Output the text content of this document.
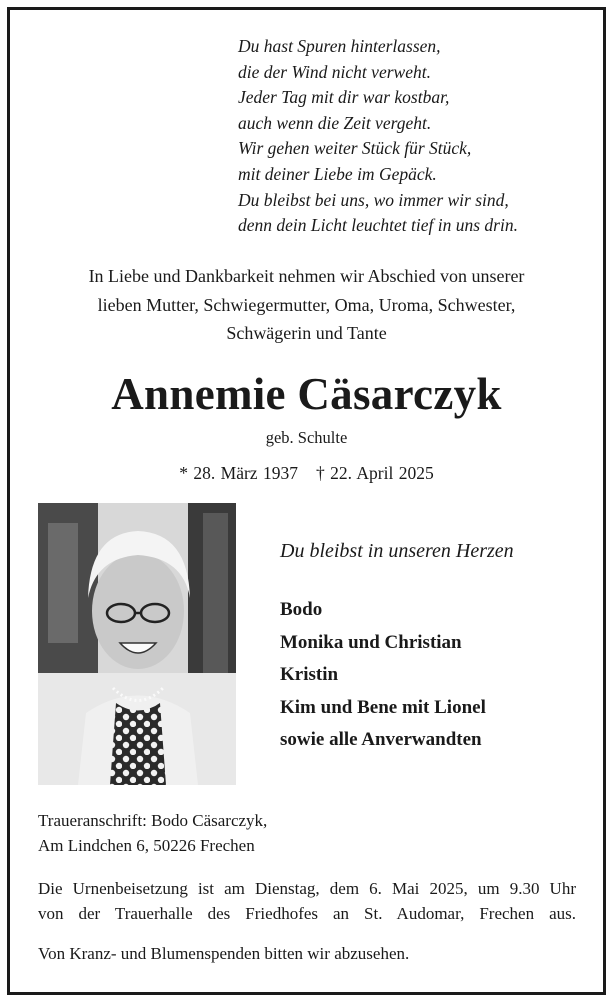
Du hast Spuren hinterlassen,
die der Wind nicht verweht.
Jeder Tag mit dir war kostbar,
auch wenn die Zeit vergeht.
Wir gehen weiter Stück für Stück,
mit deiner Liebe im Gepäck.
Du bleibst bei uns, wo immer wir sind,
denn dein Licht leuchtet tief in uns drin.
In Liebe und Dankbarkeit nehmen wir Abschied von unserer
lieben Mutter, Schwiegermutter, Oma, Uroma, Schwester,
Schwägerin und Tante
Annemie Cäsarczyk
geb. Schulte
* 28. März 1937 † 22. April 2025
Du bleibst in unseren Herzen
Bodo
Monika und Christian
Kristin
Kim und Bene mit Lionel
sowie alle Anverwandten
Traueranschrift: Bodo Cäsarczyk,
Am Lindchen 6, 50226 Frechen
Die Urnenbeisetzung ist am Dienstag, dem 6. Mai 2025, um 9.30 Uhr
von der Trauerhalle des Friedhofes an St. Audomar, Frechen aus.
Von Kranz- und Blumenspenden bitten wir abzusehen.
